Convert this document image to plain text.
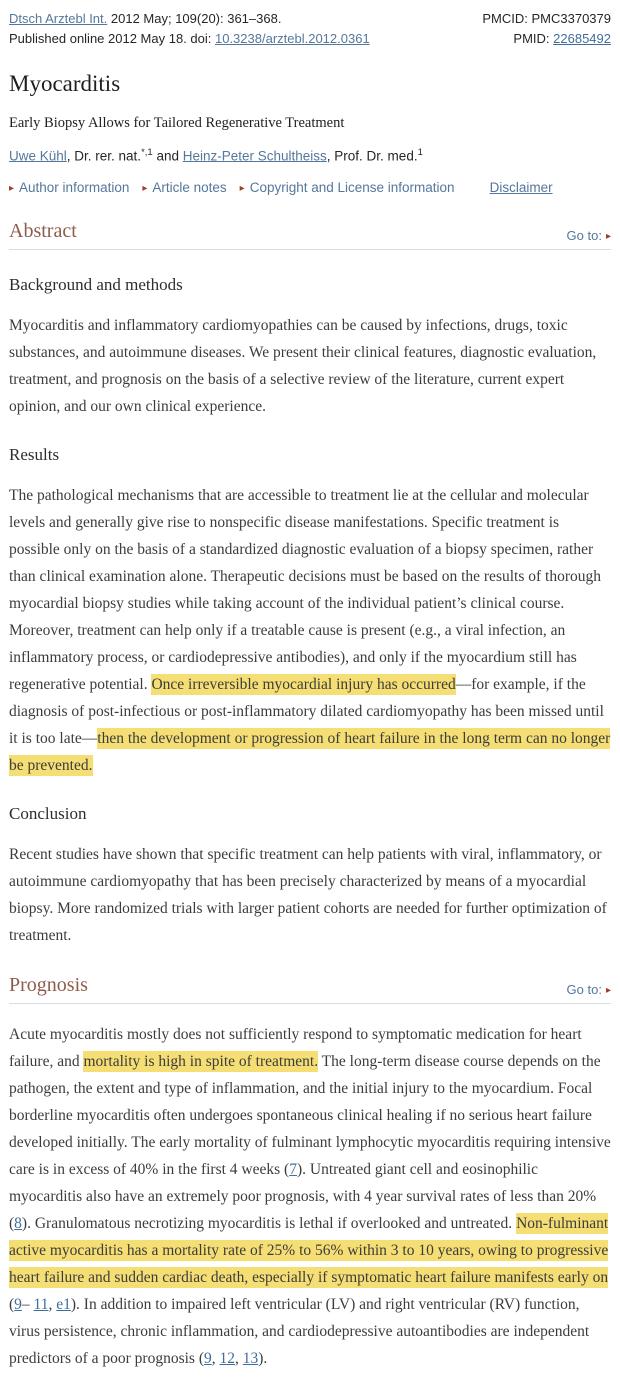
Dtsch Arztebl Int. 2012 May; 109(20): 361–368.
Published online 2012 May 18. doi: 10.3238/arztebl.2012.0361
PMCID: PMC3370379
PMID: 22685492
Myocarditis

Early Biopsy Allows for Tailored Regenerative Treatment

Uwe Kühl, Dr. rer. nat.$^{*,1}$ and Heinz-Peter Schultheiss, Prof. Dr. med.$^1$

▸ Author information ▸ Article notes ▸ Copyright and License information	Disclaimer

Abstract	Go to: ▸
Background and methods

Myocarditis and inflammatory cardiomyopathies can be caused by infections, drugs, toxic substances, and autoimmune diseases. We present their clinical features, diagnostic evaluation, treatment, and prognosis on the basis of a selective review of the literature, current expert opinion, and our own clinical experience.

Results

The pathological mechanisms that are accessible to treatment lie at the cellular and molecular levels and generally give rise to nonspecific disease manifestations. Specific treatment is possible only on the basis of a standardized diagnostic evaluation of a biopsy specimen, rather than clinical examination alone. Therapeutic decisions must be based on the results of thorough myocardial biopsy studies while taking account of the individual patient’s clinical course. Moreover, treatment can help only if a treatable cause is present (e.g., a viral infection, an inflammatory process, or cardiodepressive antibodies), and only if the myocardium still has regenerative potential. Once irreversible myocardial injury has occurred—for example, if the diagnosis of post-infectious or post-inflammatory dilated cardiomyopathy has been missed until it is too late—then the development or progression of heart failure in the long term can no longer be prevented.

Conclusion

Recent studies have shown that specific treatment can help patients with viral, inflammatory, or autoimmune cardiomyopathy that has been precisely characterized by means of a myocardial biopsy. More randomized trials with larger patient cohorts are needed for further optimization of treatment.

Prognosis	Go to: ▸

Acute myocarditis mostly does not sufficiently respond to symptomatic medication for heart failure, and mortality is high in spite of treatment. The long-term disease course depends on the pathogen, the extent and type of inflammation, and the initial injury to the myocardium. Focal borderline myocarditis often undergoes spontaneous clinical healing if no serious heart failure developed initially. The early mortality of fulminant lymphocytic myocarditis requiring intensive care is in excess of 40% in the first 4 weeks (7). Untreated giant cell and eosinophilic myocarditis also have an extremely poor prognosis, with 4 year survival rates of less than 20% (8). Granulomatous necrotizing myocarditis is lethal if overlooked and untreated. Non-fulminant active myocarditis has a mortality rate of 25% to 56% within 3 to 10 years, owing to progressive heart failure and sudden cardiac death, especially if symptomatic heart failure manifests early on (9– 11, e1). In addition to impaired left ventricular (LV) and right ventricular (RV) function, virus persistence, chronic inflammation, and cardiodepressive autoantibodies are independent predictors of a poor prognosis (9, 12, 13).
